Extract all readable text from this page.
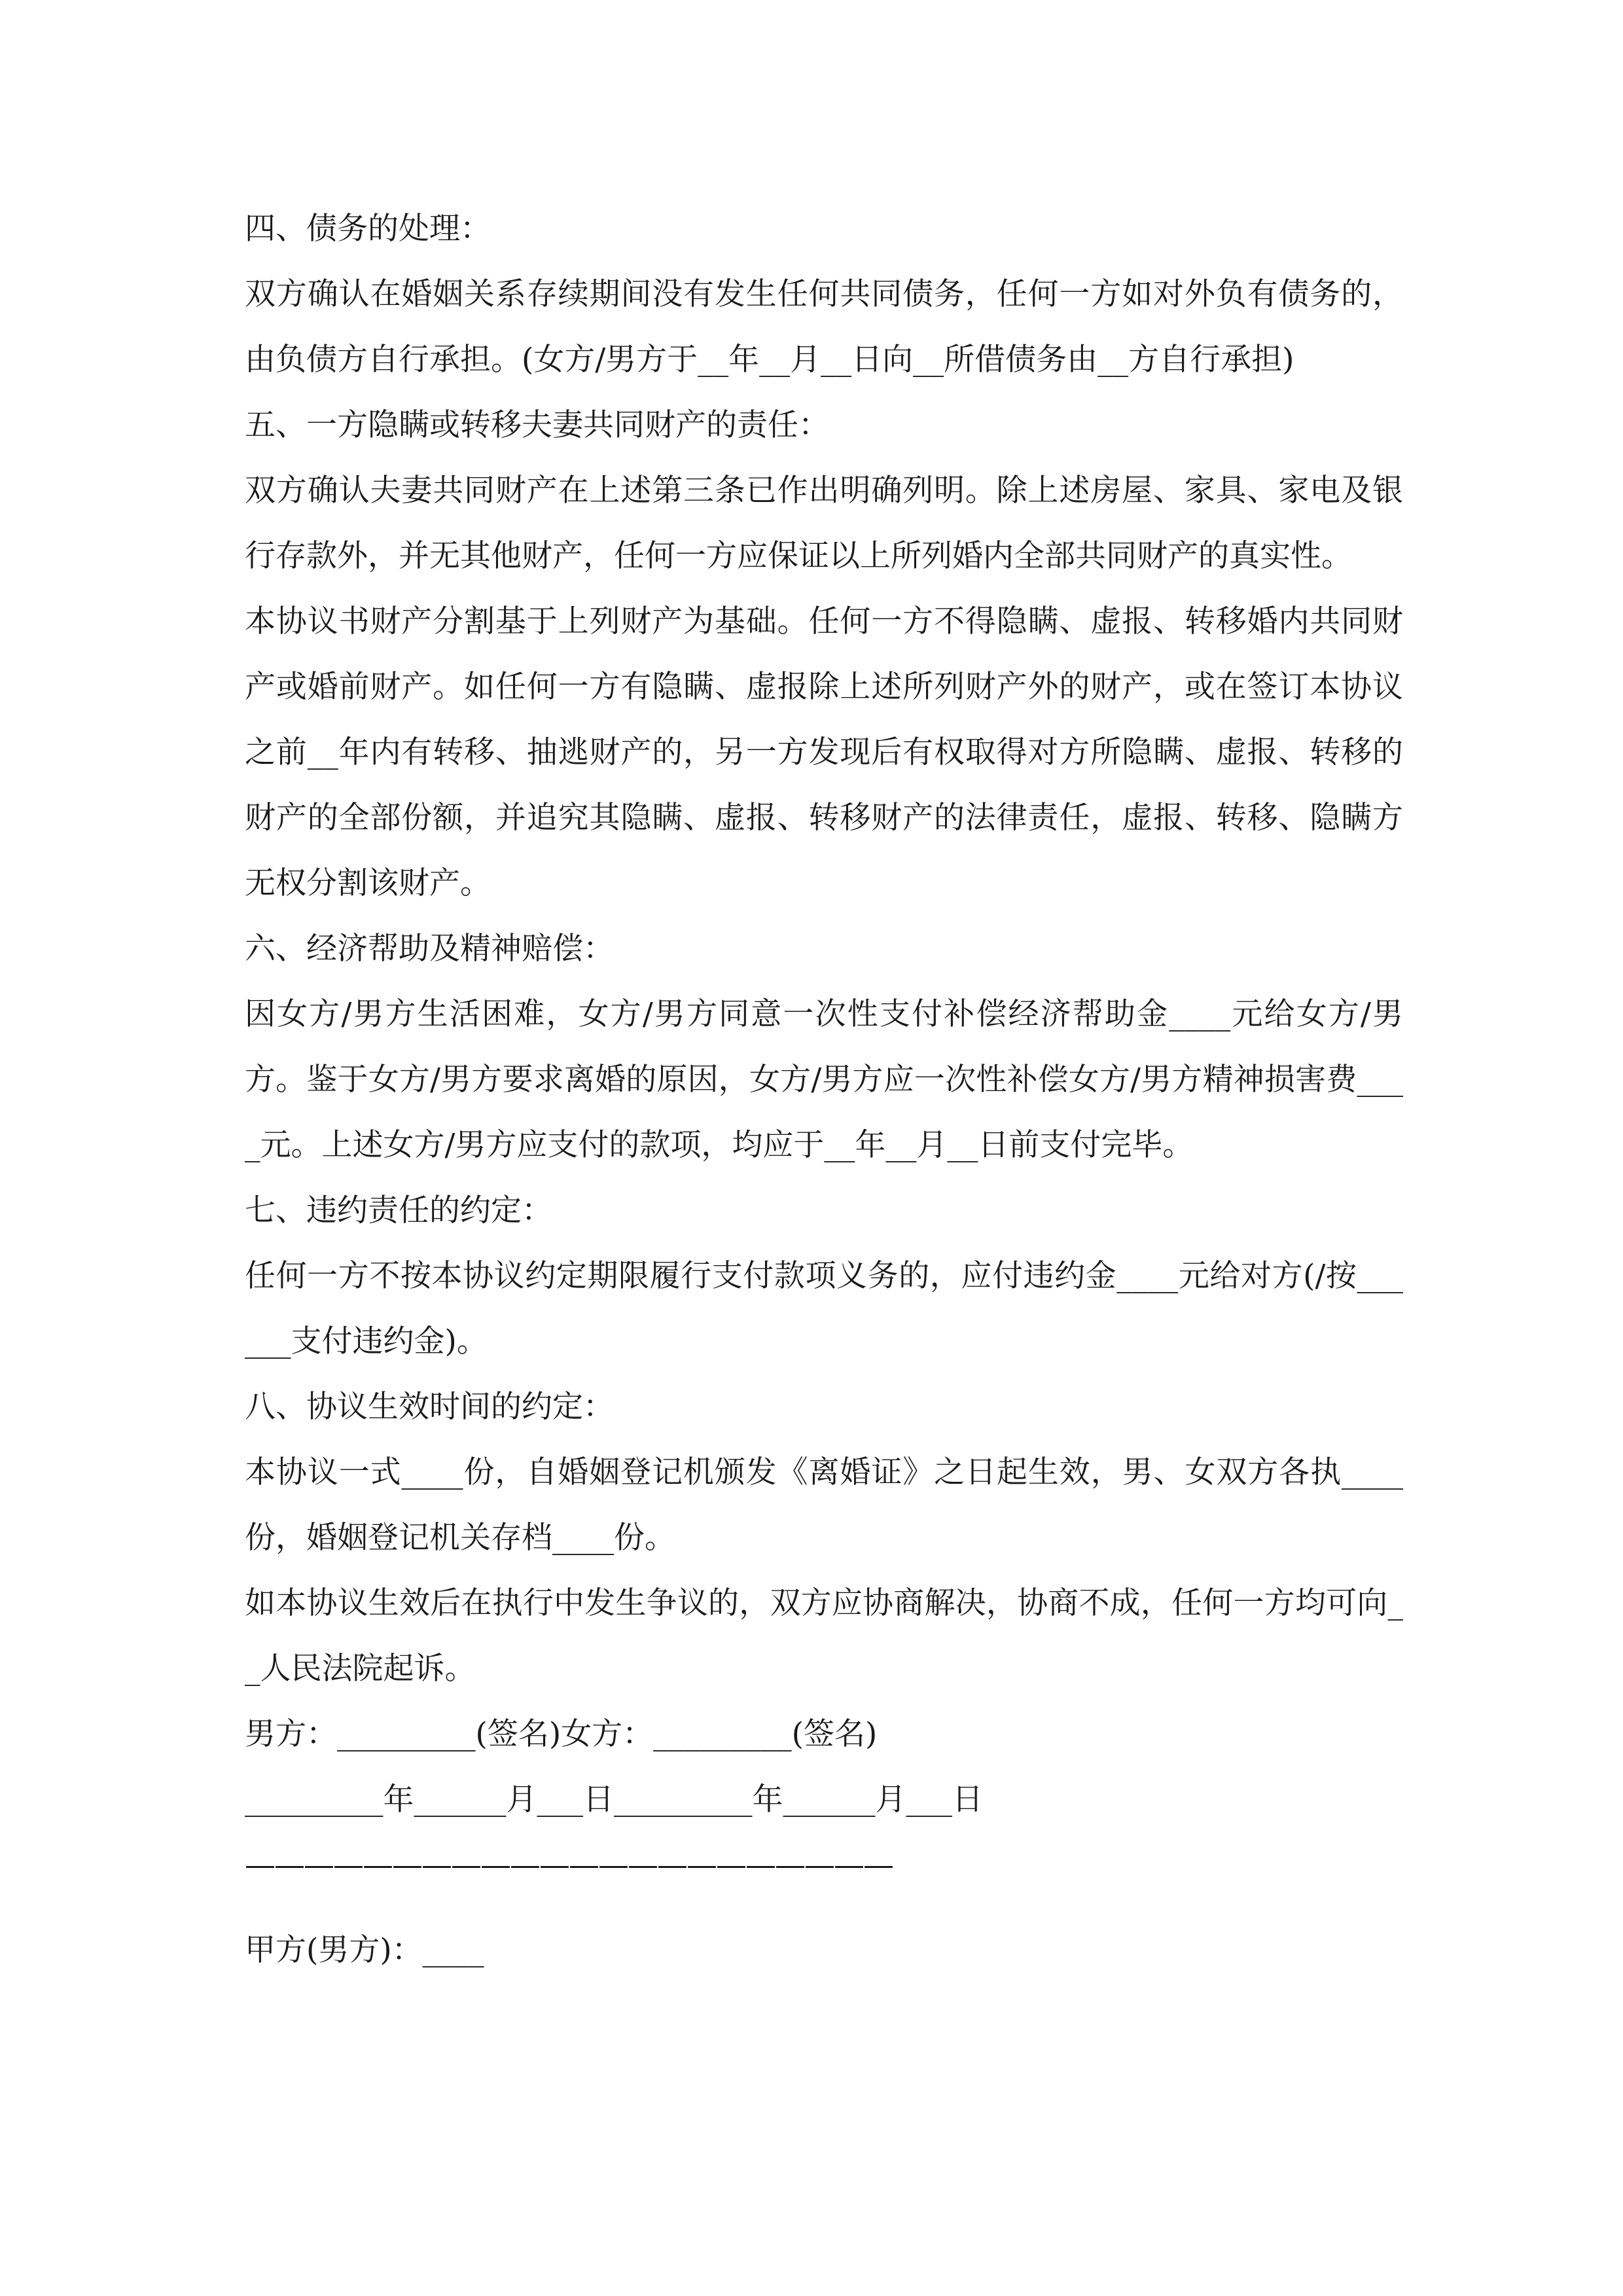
四、债务的处理：
双方确认在婚姻关系存续期间没有发生任何共同债务，任何一方如对外负有债务的，由负债方自行承担。(女方/男方于__年__月__日向__所借债务由__方自行承担)
五、一方隐瞒或转移夫妻共同财产的责任：
双方确认夫妻共同财产在上述第三条已作出明确列明。除上述房屋、家具、家电及银行存款外，并无其他财产，任何一方应保证以上所列婚内全部共同财产的真实性。
本协议书财产分割基于上列财产为基础。任何一方不得隐瞒、虚报、转移婚内共同财产或婚前财产。如任何一方有隐瞒、虚报除上述所列财产外的财产，或在签订本协议之前__年内有转移、抽逃财产的，另一方发现后有权取得对方所隐瞒、虚报、转移的财产的全部份额，并追究其隐瞒、虚报、转移财产的法律责任，虚报、转移、隐瞒方无权分割该财产。
六、经济帮助及精神赔偿：
因女方/男方生活困难，女方/男方同意一次性支付补偿经济帮助金____元给女方/男方。鉴于女方/男方要求离婚的原因，女方/男方应一次性补偿女方/男方精神损害费____元。上述女方/男方应支付的款项，均应于__年__月__日前支付完毕。
七、违约责任的约定：
任何一方不按本协议约定期限履行支付款项义务的，应付违约金____元给对方(/按______支付违约金)。
八、协议生效时间的约定：
本协议一式____份，自婚姻登记机颁发《离婚证》之日起生效，男、女双方各执____份，婚姻登记机关存档____份。
如本协议生效后在执行中发生争议的，双方应协商解决，协商不成，任何一方均可向__人民法院起诉。
男方：_________(签名)女方：_________(签名)
_________年______月___日_________年______月___日
——————————————————————
甲方(男方)：____
